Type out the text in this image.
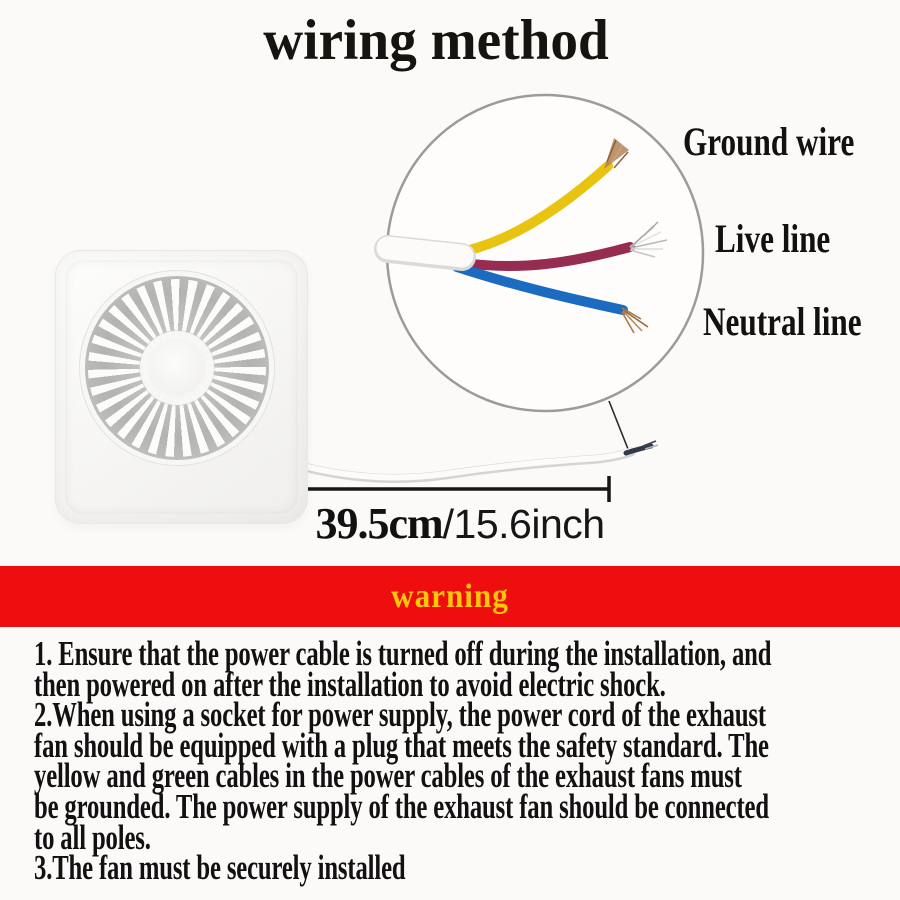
wiring method
Ground wire
Live line
Neutral line
39.5cm/15.6inch
warning
1. Ensure that the power cable is turned off during the installation, and
then powered on after the installation to avoid electric shock.
2.When using a socket for power supply, the power cord of the exhaust
fan should be equipped with a plug that meets the safety standard. The
yellow and green cables in the power cables of the exhaust fans must
be grounded. The power supply of the exhaust fan should be connected
to all poles.
3.The fan must be securely installed
